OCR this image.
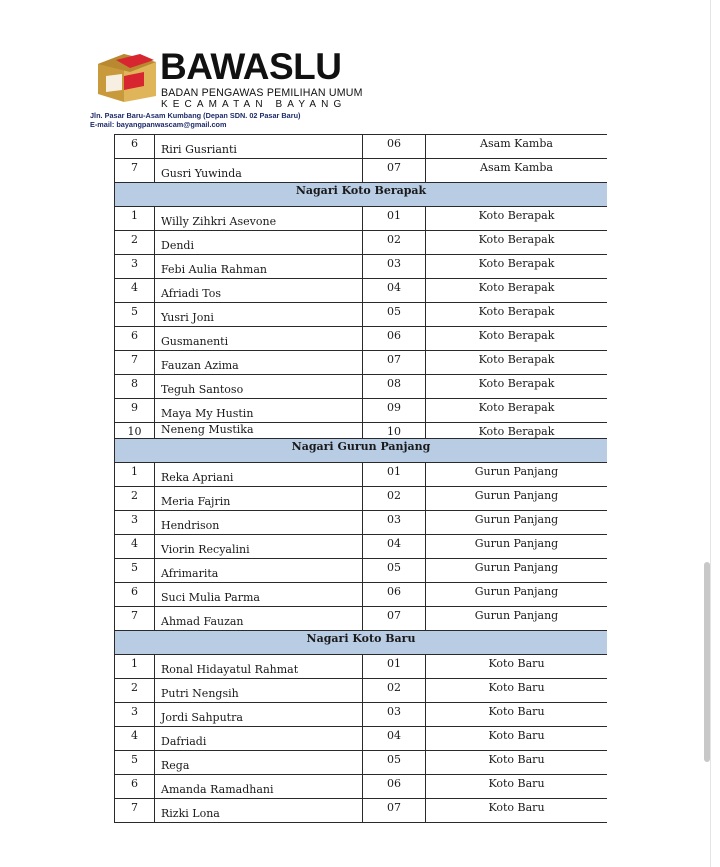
BAWASLU
BADAN PENGAWAS PEMILIHAN UMUM
KECAMATAN BAYANG
Jln. Pasar Baru-Asam Kumbang (Depan SDN. 02 Pasar Baru)
E-mail: bayangpanwascam@gmail.com
6	Riri Gusrianti	06	Asam Kamba
7	Gusri Yuwinda	07	Asam Kamba
Nagari Koto Berapak			
1	Willy Zihkri Asevone	01	Koto Berapak
2	Dendi	02	Koto Berapak
3	Febi Aulia Rahman	03	Koto Berapak
4	Afriadi Tos	04	Koto Berapak
5	Yusri Joni	05	Koto Berapak
6	Gusmanenti	06	Koto Berapak
7	Fauzan Azima	07	Koto Berapak
8	Teguh Santoso	08	Koto Berapak
9	Maya My Hustin	09	Koto Berapak
10	Neneng Mustika	10	Koto Berapak
Nagari Gurun Panjang			
1	Reka Apriani	01	Gurun Panjang
2	Meria Fajrin	02	Gurun Panjang
3	Hendrison	03	Gurun Panjang
4	Viorin Recyalini	04	Gurun Panjang
5	Afrimarita	05	Gurun Panjang
6	Suci Mulia Parma	06	Gurun Panjang
7	Ahmad Fauzan	07	Gurun Panjang
Nagari Koto Baru			
1	Ronal Hidayatul Rahmat	01	Koto Baru
2	Putri Nengsih	02	Koto Baru
3	Jordi Sahputra	03	Koto Baru
4	Dafriadi	04	Koto Baru
5	Rega	05	Koto Baru
6	Amanda Ramadhani	06	Koto Baru
7	Rizki Lona	07	Koto Baru
